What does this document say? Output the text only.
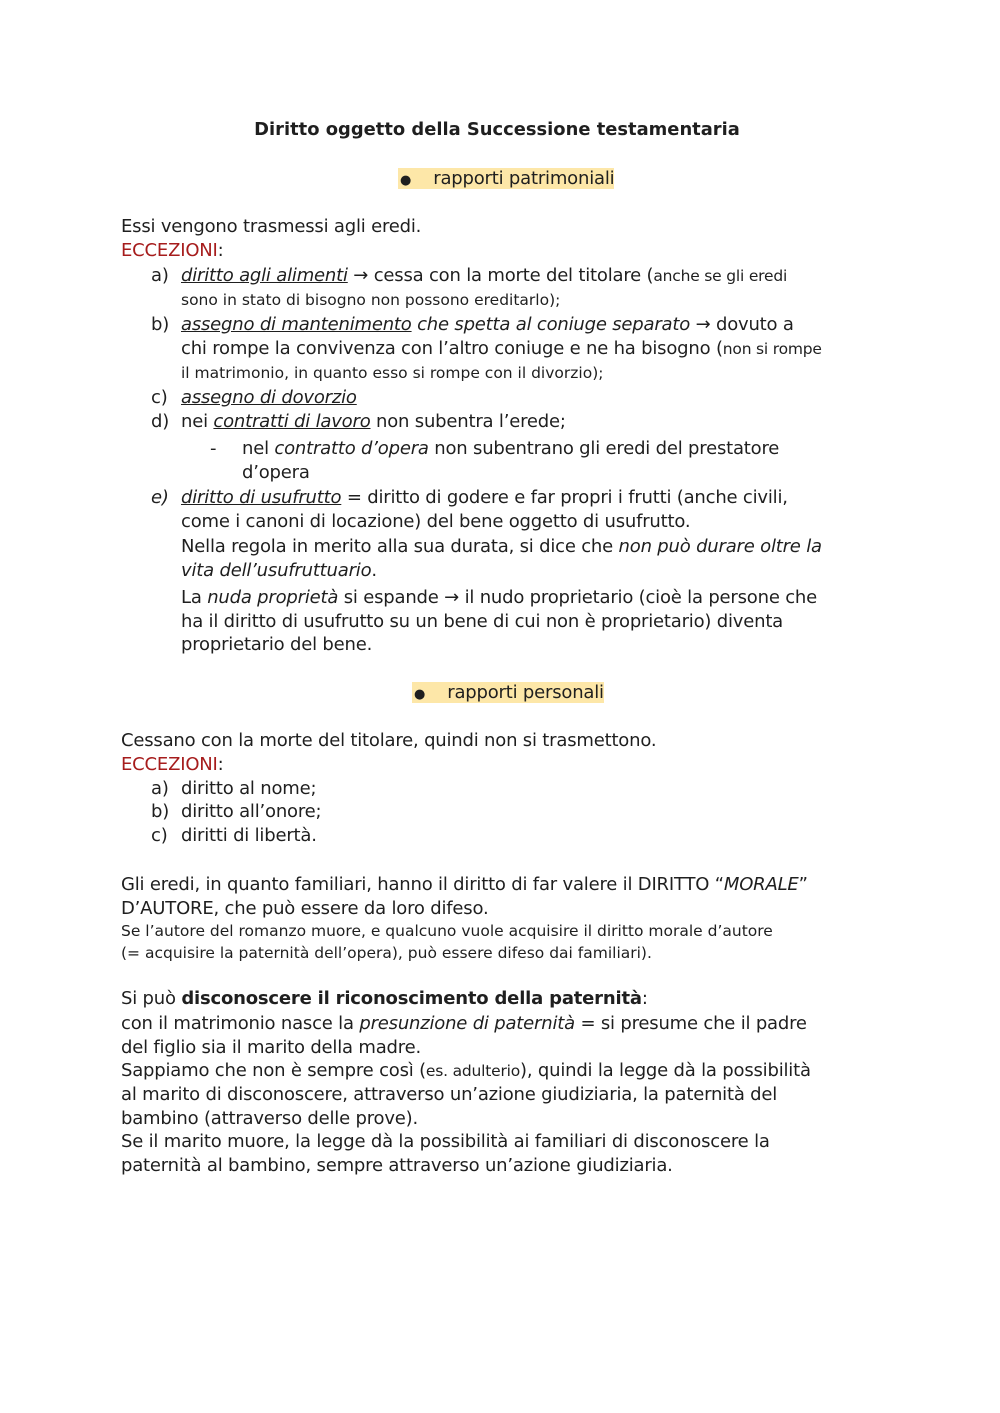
Diritto oggetto della Successione testamentaria
● rapporti patrimoniali
Essi vengono trasmessi agli eredi.
ECCEZIONI:
a) diritto agli alimenti → cessa con la morte del titolare (anche se gli eredi
sono in stato di bisogno non possono ereditarlo);
b) assegno di mantenimento che spetta al coniuge separato → dovuto a
chi rompe la convivenza con l’altro coniuge e ne ha bisogno (non si rompe
il matrimonio, in quanto esso si rompe con il divorzio);
c) assegno di dovorzio
d) nei contratti di lavoro non subentra l’erede;
- nel contratto d’opera non subentrano gli eredi del prestatore
d’opera
e) diritto di usufrutto = diritto di godere e far propri i frutti (anche civili,
come i canoni di locazione) del bene oggetto di usufrutto.
Nella regola in merito alla sua durata, si dice che non può durare oltre la
vita dell’usufruttuario.
La nuda proprietà si espande → il nudo proprietario (cioè la persone che
ha il diritto di usufrutto su un bene di cui non è proprietario) diventa
proprietario del bene.
● rapporti personali
Cessano con la morte del titolare, quindi non si trasmettono.
ECCEZIONI:
a) diritto al nome;
b) diritto all’onore;
c) diritti di libertà.
Gli eredi, in quanto familiari, hanno il diritto di far valere il DIRITTO “MORALE”
D’AUTORE, che può essere da loro difeso.
Se l’autore del romanzo muore, e qualcuno vuole acquisire il diritto morale d’autore
(= acquisire la paternità dell’opera), può essere difeso dai familiari).
Si può disconoscere il riconoscimento della paternità:
con il matrimonio nasce la presunzione di paternità = si presume che il padre
del figlio sia il marito della madre.
Sappiamo che non è sempre così (es. adulterio), quindi la legge dà la possibilità
al marito di disconoscere, attraverso un’azione giudiziaria, la paternità del
bambino (attraverso delle prove).
Se il marito muore, la legge dà la possibilità ai familiari di disconoscere la
paternità al bambino, sempre attraverso un’azione giudiziaria.
